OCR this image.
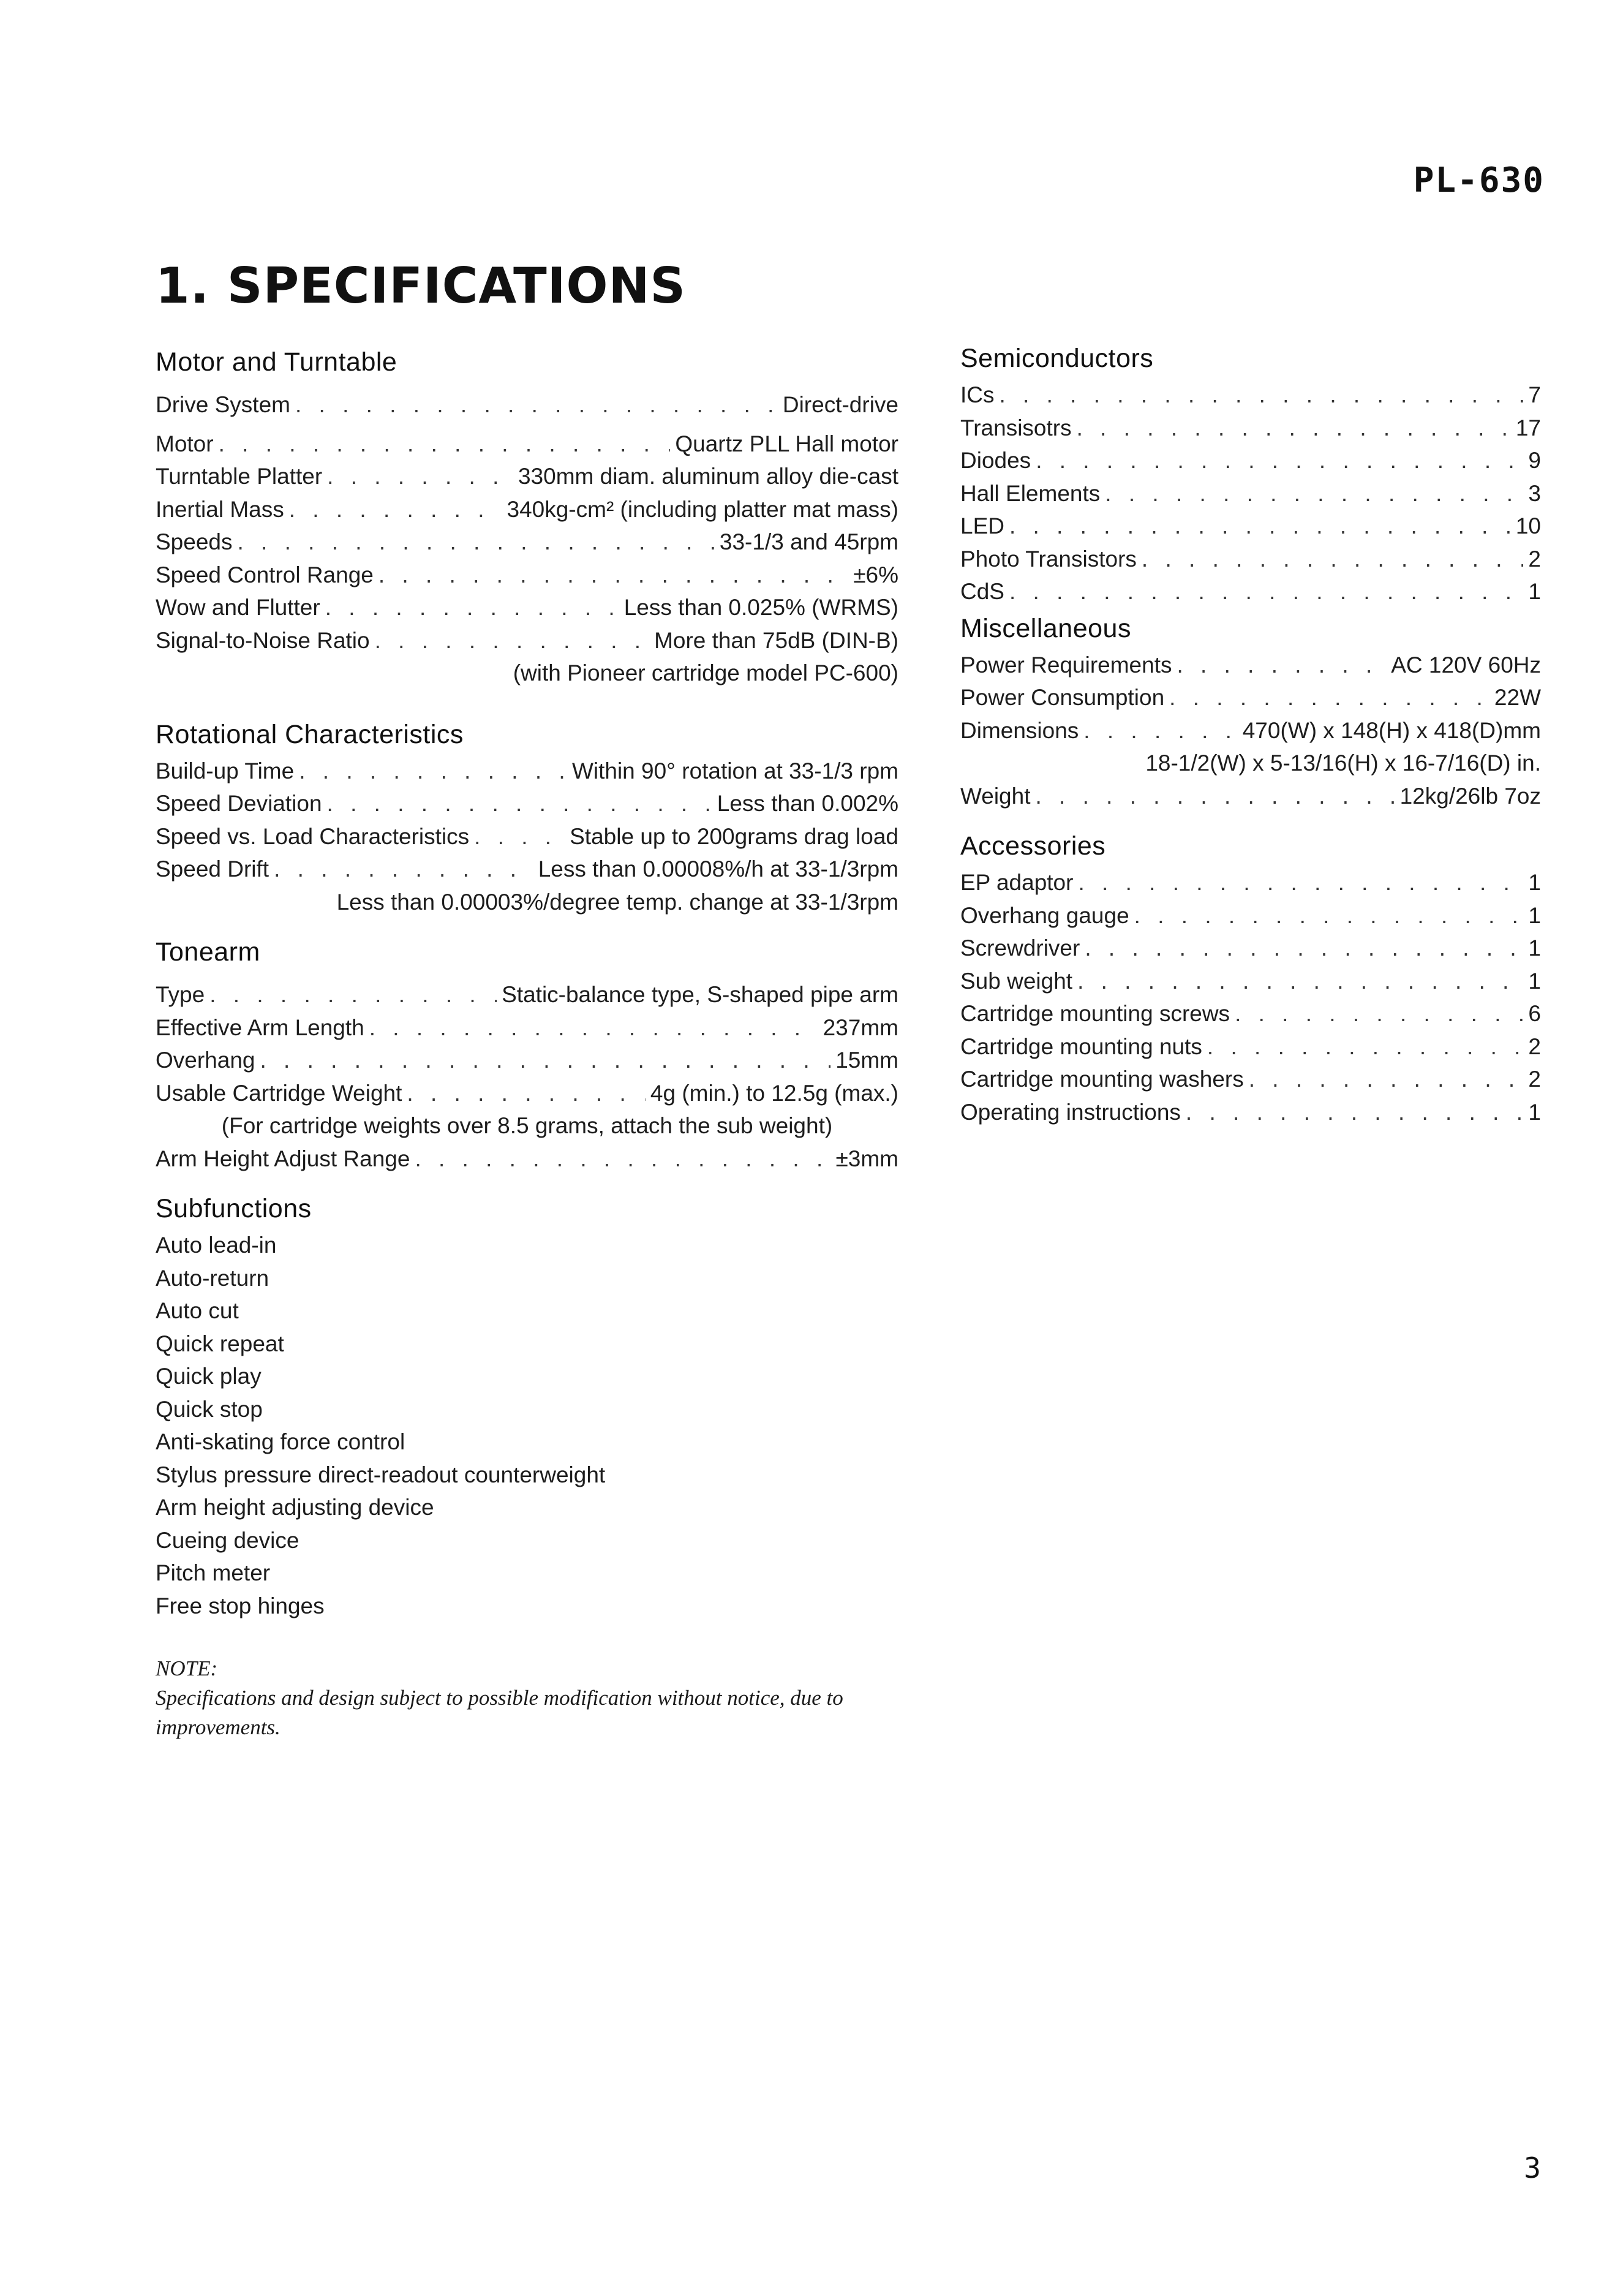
PL-630
1. SPECIFICATIONS
Motor and Turntable
Drive System . . .	Direct-drive
Motor . . .	Quartz PLL Hall motor
Turntable Platter . . .	330mm diam. aluminum alloy die-cast
Inertial Mass . . .	340kg-cm² (including platter mat mass)
Speeds . . .	33-1/3 and 45rpm
Speed Control Range . . .	±6%
Wow and Flutter . . .	Less than 0.025% (WRMS)
Signal-to-Noise Ratio . . .	More than 75dB (DIN-B)
(with Pioneer cartridge model PC-600)
Rotational Characteristics
Build-up Time . . .	Within 90° rotation at 33-1/3 rpm
Speed Deviation . . .	Less than 0.002%
Speed vs. Load Characteristics . . .	Stable up to 200grams drag load
Speed Drift . . .	Less than 0.00008%/h at 33-1/3rpm
Less than 0.00003%/degree temp. change at 33-1/3rpm
Tonearm
Type . . .	Static-balance type, S-shaped pipe arm
Effective Arm Length . . .	237mm
Overhang . . .	15mm
Usable Cartridge Weight . . .	4g (min.) to 12.5g (max.)
(For cartridge weights over 8.5 grams, attach the sub weight)
Arm Height Adjust Range . . .	±3mm
Subfunctions
Auto lead-in
Auto-return
Auto cut
Quick repeat
Quick play
Quick stop
Anti-skating force control
Stylus pressure direct-readout counterweight
Arm height adjusting device
Cueing device
Pitch meter
Free stop hinges
Semiconductors
ICs . . .	7
Transisotrs . . .	17
Diodes . . .	9
Hall Elements . . .	3
LED . . .	10
Photo Transistors . . .	2
CdS . . .	1
Miscellaneous
Power Requirements . . .	AC 120V 60Hz
Power Consumption . . .	22W
Dimensions . . .	470(W) x 148(H) x 418(D)mm
18-1/2(W) x 5-13/16(H) x 16-7/16(D) in.
Weight . . .	12kg/26lb 7oz
Accessories
EP adaptor . . .	1
Overhang gauge . . .	1
Screwdriver . . .	1
Sub weight . . .	1
Cartridge mounting screws . . .	6
Cartridge mounting nuts . . .	2
Cartridge mounting washers . . .	2
Operating instructions . . .	1
NOTE:
Specifications and design subject to possible modification without notice, due to improvements.
3
